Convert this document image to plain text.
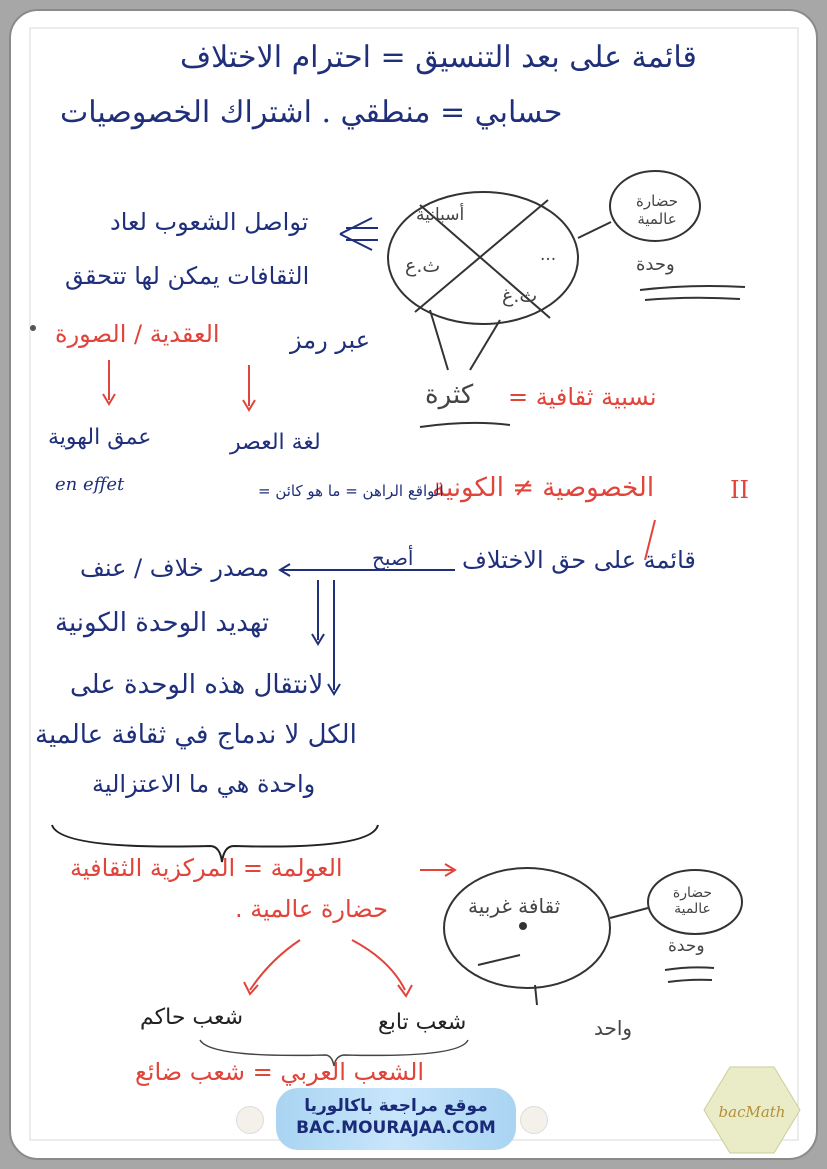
قائمة على بعد التنسيق = احترام الاختلاف
حسابي = منطقي . اشتراك الخصوصيات
أسبانية
...
ث.ع
ث.غ
حضارة عالمية
وحدة
كثرة
تواصل الشعوب لعاد
الثقافات يمكن لها تتحقق
العقدية / الصورة	عبر رمز
نسبية ثقافية =
عمق الهوية	لغة العصر
en effet	II
الخصوصية ≠ الكونية
الواقع الراهن = ما هو كائن =
قائمة على حق الاختلاف
أصبح
مصدر خلاف / عنف
تهديد الوحدة الكونية
لانتقال هذه الوحدة على
الكل لا ندماج في ثقافة عالمية
واحدة هي ما الاعتزالية
العولمة = المركزية الثقافية
حضارة عالمية .	ثقافة غربية
حضارة عالمية
وحدة
واحد
شعب حاكم	شعب تابع
الشعب العربي = شعب ضائع
موقع مراجعة باكالوريا
BAC.MOURAJAA.COM
bacMath
